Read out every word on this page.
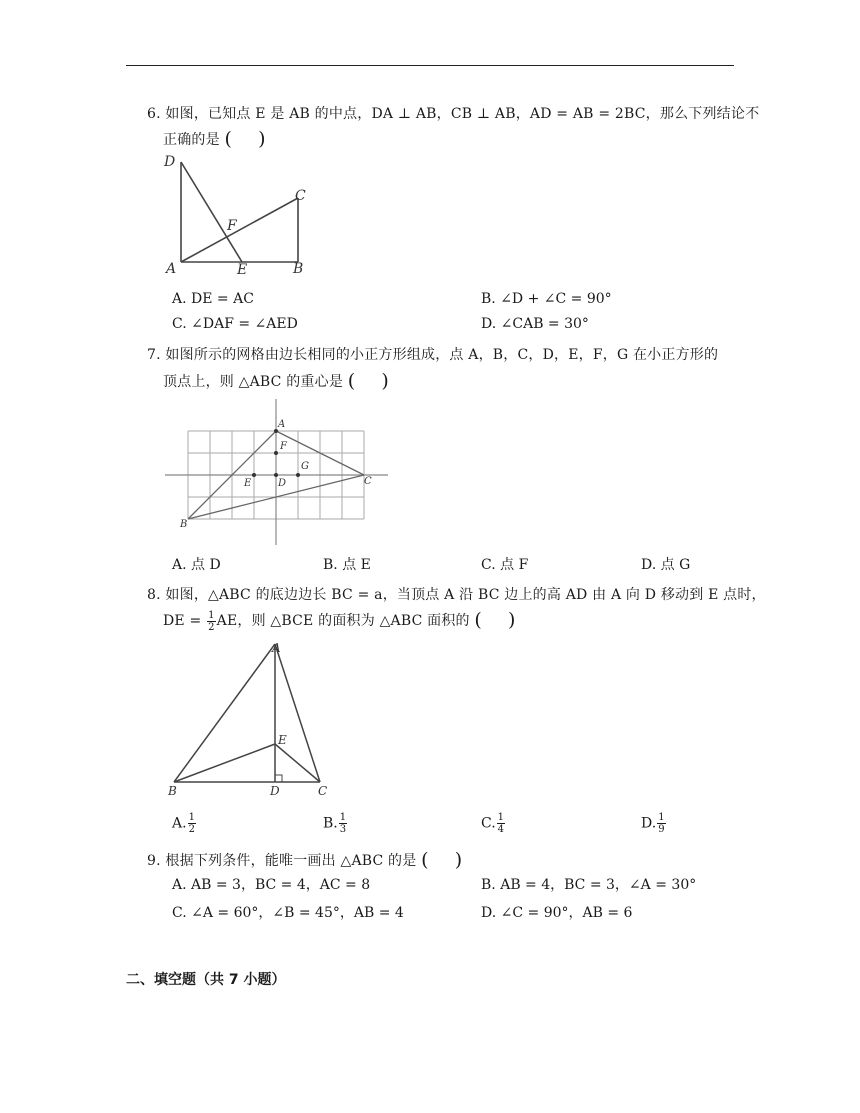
6. 如图，已知点 E 是 AB 的中点，DA ⊥ AB，CB ⊥ AB，AD = AB = 2BC，那么下列结论不
正确的是 ( )
D
C
F
A	E	B
A. DE = AC	B. ∠D + ∠C = 90°
C. ∠DAF = ∠AED	D. ∠CAB = 30°
7. 如图所示的网格由边长相同的小正方形组成，点 A，B，C，D，E，F，G 在小正方形的
顶点上，则 △ABC 的重心是 ( )
A
F
G
E	D	C
B
A. 点 D	B. 点 E	C. 点 F	D. 点 G
8. 如图，△ABC 的底边边长 BC = a，当顶点 A 沿 BC 边上的高 AD 由 A 向 D 移动到 E 点时，
DE = $\frac{1}{2}$ AE，则 △BCE 的面积为 △ABC 面积的 ( )
A
E
B	D	C
A. $\frac{1}{2}$	B. $\frac{1}{3}$	C. $\frac{1}{4}$	D. $\frac{1}{9}$
9. 根据下列条件，能唯一画出 △ABC 的是 ( )
A. AB = 3，BC = 4，AC = 8	B. AB = 4，BC = 3，∠A = 30°
C. ∠A = 60°，∠B = 45°，AB = 4	D. ∠C = 90°，AB = 6
二、填空题（共 7 小题）
